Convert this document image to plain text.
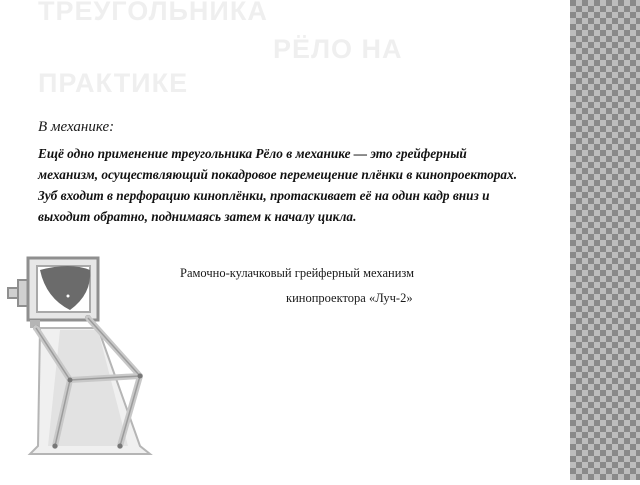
ТРЕУГОЛЬНИКА
РЁЛО НА
ПРАКТИКЕ
В механике:
Ещё одно применение треугольника Рёло в механике — это грейферный механизм, осуществляющий покадровое перемещение плёнки в кинопроекторах. Зуб входит в перфорацию киноплёнки, протаскивает её на один кадр вниз и выходит обратно, поднимаясь затем к началу цикла.
Рамочно-кулачковый грейферный механизм
кинопроектора «Луч-2»
